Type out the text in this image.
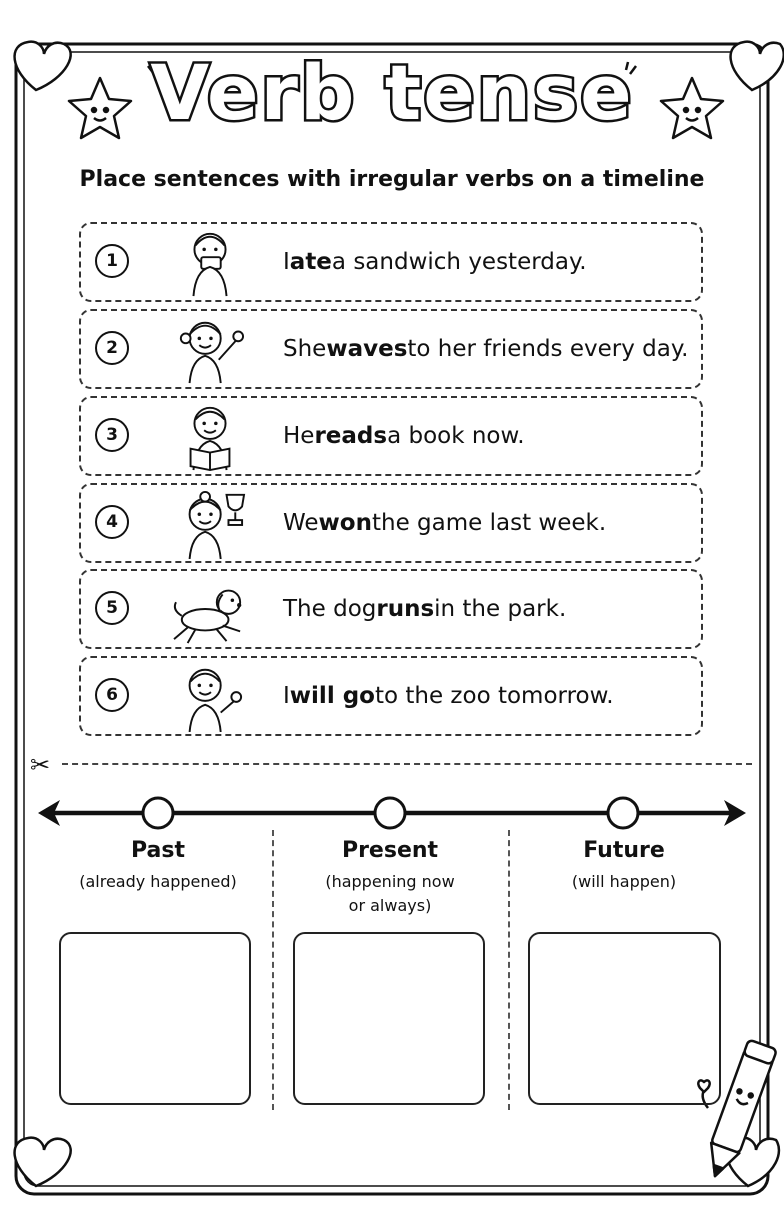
Verb tense
Place sentences with irregular verbs on a timeline
1	I ate a sandwich yesterday.
2	She waves to her friends every day.
3	He reads a book now.
4	We won the game last week.
5	The dog runs in the park.
6	I will go to the zoo tomorrow.
✂
Past
(already happened)
Present
(happening now
or always)
Future
(will happen)
